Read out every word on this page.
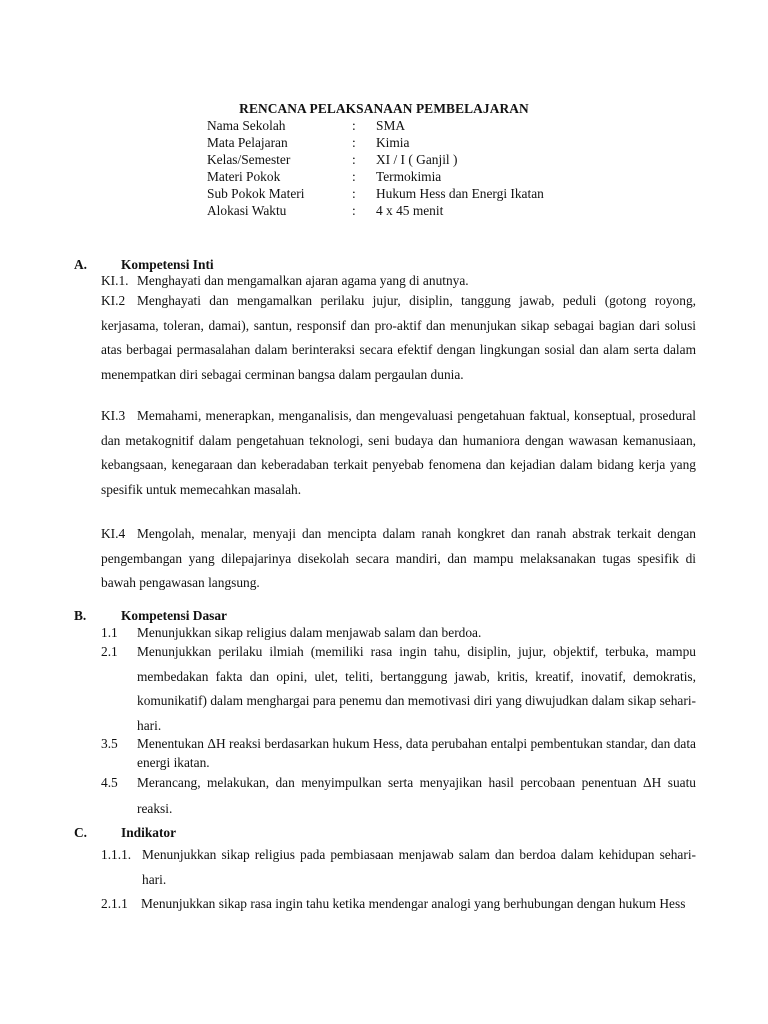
RENCANA PELAKSANAAN PEMBELAJARAN
Nama Sekolah	:	SMA
Mata Pelajaran	:	Kimia
Kelas/Semester	:	XI / I ( Ganjil )
Materi Pokok	:	Termokimia
Sub Pokok Materi	:	Hukum Hess dan Energi Ikatan
Alokasi Waktu	:	4 x 45 menit
A.	Kompetensi Inti
KI.1. Menghayati dan mengamalkan ajaran agama yang di anutnya.
KI.2 Menghayati dan mengamalkan perilaku jujur, disiplin, tanggung jawab, peduli (gotong royong, kerjasama, toleran, damai), santun, responsif dan pro-aktif dan menunjukan sikap sebagai bagian dari solusi atas berbagai permasalahan dalam berinteraksi secara efektif dengan lingkungan sosial dan alam serta dalam menempatkan diri sebagai cerminan bangsa dalam pergaulan dunia.
KI.3 Memahami, menerapkan, menganalisis, dan mengevaluasi pengetahuan faktual, konseptual, prosedural dan metakognitif dalam pengetahuan teknologi, seni budaya dan humaniora dengan wawasan kemanusiaan, kebangsaan, kenegaraan dan keberadaban terkait penyebab fenomena dan kejadian dalam bidang kerja yang spesifik untuk memecahkan masalah.
KI.4 Mengolah, menalar, menyaji dan mencipta dalam ranah kongkret dan ranah abstrak terkait dengan pengembangan yang dilepajarinya disekolah secara mandiri, dan mampu melaksanakan tugas spesifik di bawah pengawasan langsung.
B.	Kompetensi Dasar
1.1	Menunjukkan sikap religius dalam menjawab salam dan berdoa.
2.1	Menunjukkan perilaku ilmiah (memiliki rasa ingin tahu, disiplin, jujur, objektif, terbuka, mampu membedakan fakta dan opini, ulet, teliti, bertanggung jawab, kritis, kreatif, inovatif, demokratis, komunikatif) dalam menghargai para penemu dan memotivasi diri yang diwujudkan dalam sikap sehari-hari.
3.5	Menentukan ΔH reaksi berdasarkan hukum Hess, data perubahan entalpi pembentukan standar, dan data energi ikatan.
4.5	Merancang, melakukan, dan menyimpulkan serta menyajikan hasil percobaan penentuan ΔH suatu reaksi.
C.	Indikator
1.1.1. Menunjukkan sikap religius pada pembiasaan menjawab salam dan berdoa dalam kehidupan sehari-hari.
2.1.1 Menunjukkan sikap rasa ingin tahu ketika mendengar analogi yang berhubungan dengan hukum Hess
